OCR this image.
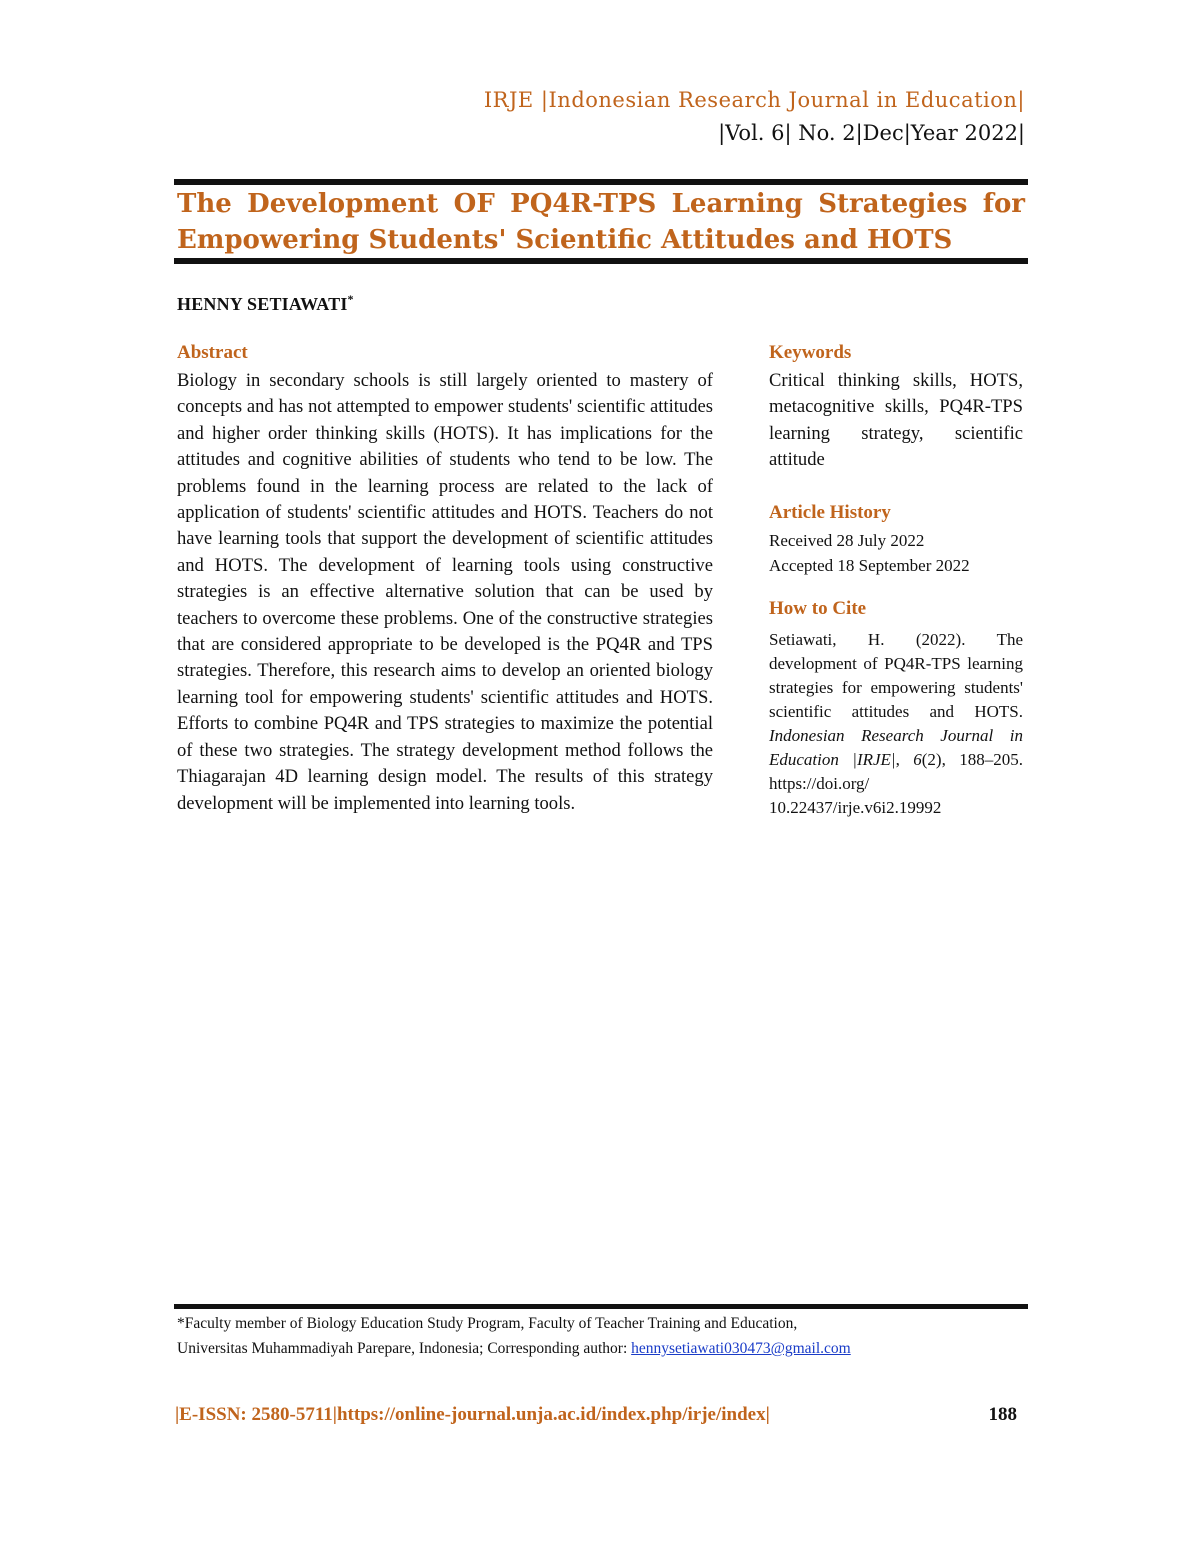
IRJE |Indonesian Research Journal in Education|
|Vol. 6| No. 2|Dec|Year 2022|
The Development OF PQ4R-TPS Learning Strategies for
Empowering Students' Scientific Attitudes and HOTS
HENNY SETIAWATI*
Abstract
Biology in secondary schools is still largely oriented to mastery of concepts and has not attempted to empower students' scientific attitudes and higher order thinking skills (HOTS). It has implications for the attitudes and cognitive abilities of students who tend to be low. The problems found in the learning process are related to the lack of application of students' scientific attitudes and HOTS. Teachers do not have learning tools that support the development of scientific attitudes and HOTS. The development of learning tools using constructive strategies is an effective alternative solution that can be used by teachers to overcome these problems. One of the constructive strategies that are considered appropriate to be developed is the PQ4R and TPS strategies. Therefore, this research aims to develop an oriented biology learning tool for empowering students' scientific attitudes and HOTS. Efforts to combine PQ4R and TPS strategies to maximize the potential of these two strategies. The strategy development method follows the Thiagarajan 4D learning design model. The results of this strategy development will be implemented into learning tools.
Keywords
Critical thinking skills, HOTS, metacognitive skills, PQ4R-TPS learning strategy, scientific attitude
Article History
Received 28 July 2022
Accepted 18 September 2022
How to Cite
Setiawati, H. (2022). The development of PQ4R-TPS learning strategies for empowering students' scientific attitudes and HOTS. Indonesian Research Journal in Education |IRJE|, 6(2), 188–205. https://doi.org/ 10.22437/irje.v6i2.19992
*Faculty member of Biology Education Study Program, Faculty of Teacher Training and Education,
Universitas Muhammadiyah Parepare, Indonesia; Corresponding author: hennysetiawati030473@gmail.com
|E-ISSN: 2580-5711|https://online-journal.unja.ac.id/index.php/irje/index|	188
